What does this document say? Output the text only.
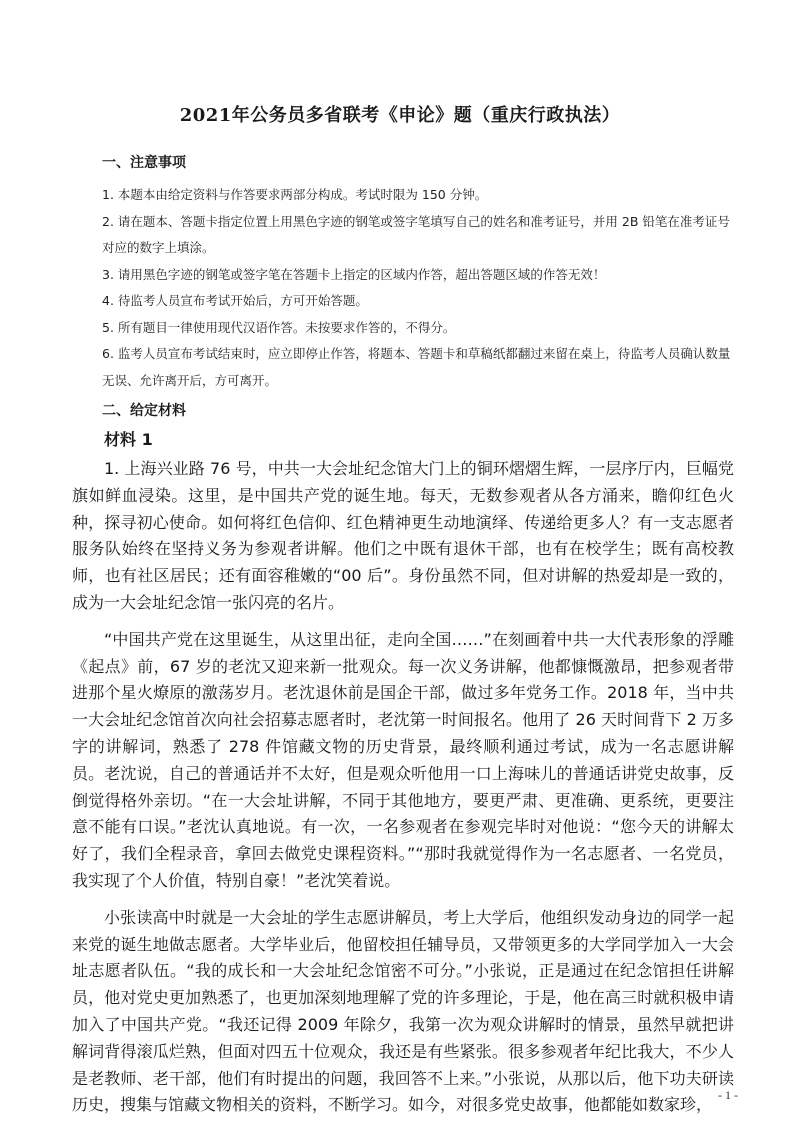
2021年公务员多省联考《申论》题（重庆行政执法）
一、注意事项
1. 本题本由给定资料与作答要求两部分构成。考试时限为 150 分钟。
2. 请在题本、答题卡指定位置上用黑色字迹的钢笔或签字笔填写自己的姓名和准考证号，并用 2B 铅笔在准考证号对应的数字上填涂。
3. 请用黑色字迹的钢笔或签字笔在答题卡上指定的区域内作答，超出答题区域的作答无效！
4. 待监考人员宣布考试开始后，方可开始答题。
5. 所有题目一律使用现代汉语作答。未按要求作答的，不得分。
6. 监考人员宣布考试结束时，应立即停止作答，将题本、答题卡和草稿纸都翻过来留在桌上，待监考人员确认数量无误、允许离开后，方可离开。
二、给定材料
材料 1

1. 上海兴业路 76 号，中共一大会址纪念馆大门上的铜环熠熠生辉，一层序厅内，巨幅党旗如鲜血浸染。这里，是中国共产党的诞生地。每天，无数参观者从各方涌来，瞻仰红色火种，探寻初心使命。如何将红色信仰、红色精神更生动地演绎、传递给更多人？有一支志愿者服务队始终在坚持义务为参观者讲解。他们之中既有退休干部，也有在校学生；既有高校教师，也有社区居民；还有面容稚嫩的“00 后”。身份虽然不同，但对讲解的热爱却是一致的，成为一大会址纪念馆一张闪亮的名片。

“中国共产党在这里诞生，从这里出征，走向全国……”在刻画着中共一大代表形象的浮雕《起点》前，67 岁的老沈又迎来新一批观众。每一次义务讲解，他都慷慨激昂，把参观者带进那个星火燎原的激荡岁月。老沈退休前是国企干部，做过多年党务工作。2018 年，当中共一大会址纪念馆首次向社会招募志愿者时，老沈第一时间报名。他用了 26 天时间背下 2 万多字的讲解词，熟悉了 278 件馆藏文物的历史背景，最终顺利通过考试，成为一名志愿讲解员。老沈说，自己的普通话并不太好，但是观众听他用一口上海味儿的普通话讲党史故事，反倒觉得格外亲切。“在一大会址讲解，不同于其他地方，要更严肃、更准确、更系统，更要注意不能有口误。”老沈认真地说。有一次，一名参观者在参观完毕时对他说：“您今天的讲解太好了，我们全程录音，拿回去做党史课程资料。”“那时我就觉得作为一名志愿者、一名党员，我实现了个人价值，特别自豪！”老沈笑着说。

小张读高中时就是一大会址的学生志愿讲解员，考上大学后，他组织发动身边的同学一起来党的诞生地做志愿者。大学毕业后，他留校担任辅导员，又带领更多的大学同学加入一大会址志愿者队伍。“我的成长和一大会址纪念馆密不可分。”小张说，正是通过在纪念馆担任讲解员，他对党史更加熟悉了，也更加深刻地理解了党的许多理论，于是，他在高三时就积极申请加入了中国共产党。“我还记得 2009 年除夕，我第一次为观众讲解时的情景，虽然早就把讲解词背得滚瓜烂熟，但面对四五十位观众，我还是有些紧张。很多参观者年纪比我大，不少人是老教师、老干部，他们有时提出的问题，我回答不上来。”小张说，从那以后，他下功夫研读历史，搜集与馆藏文物相关的资料，不断学习。如今，对很多党史故事，他都能如数家珍，

- 1 -
